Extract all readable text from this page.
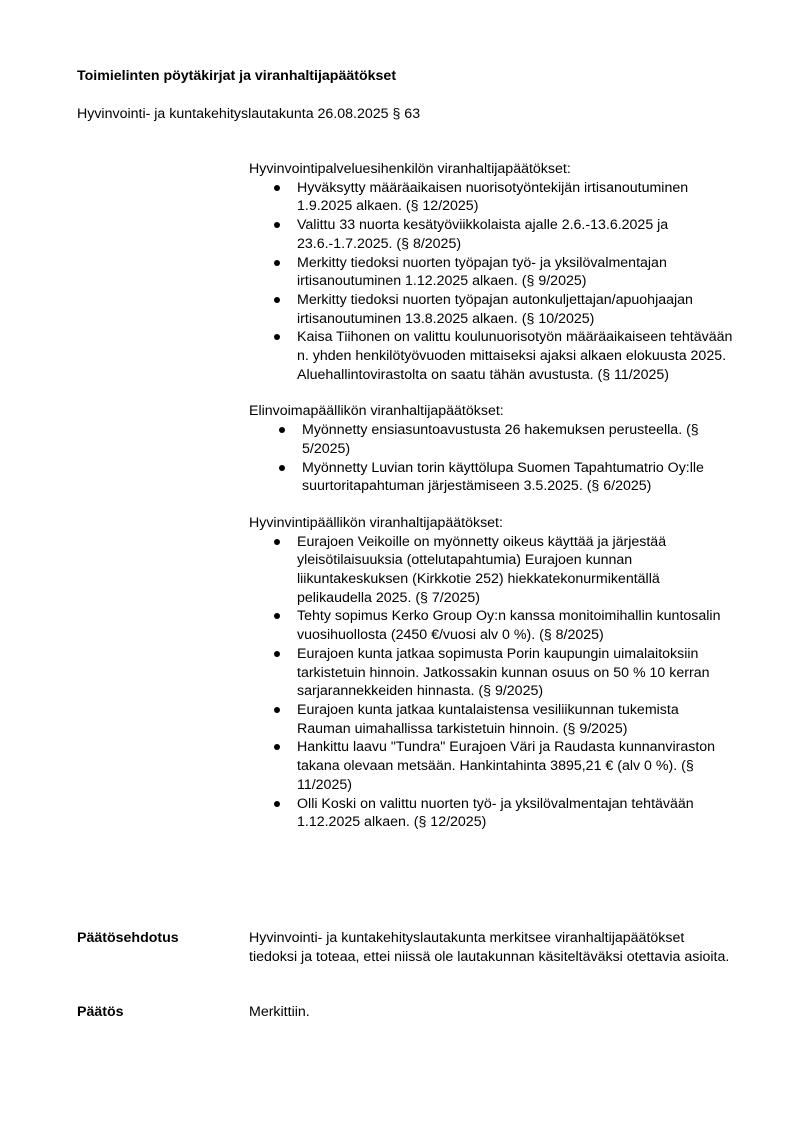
Toimielinten pöytäkirjat ja viranhaltijapäätökset
Hyvinvointi- ja kuntakehityslautakunta 26.08.2025 § 63
Hyvinvointipalveluesihenkilön viranhaltijapäätökset:
Hyväksytty määräaikaisen nuorisotyöntekijän irtisanoutuminen 1.9.2025 alkaen. (§ 12/2025)
Valittu 33 nuorta kesätyöviikkolaista ajalle 2.6.-13.6.2025 ja 23.6.-1.7.2025. (§ 8/2025)
Merkitty tiedoksi nuorten työpajan työ- ja yksilövalmentajan irtisanoutuminen 1.12.2025 alkaen. (§ 9/2025)
Merkitty tiedoksi nuorten työpajan autonkuljettajan/apuohjaajan irtisanoutuminen 13.8.2025 alkaen. (§ 10/2025)
Kaisa Tiihonen on valittu koulunuorisotyön määräaikaiseen tehtävään n. yhden henkilötyövuoden mittaiseksi ajaksi alkaen elokuusta 2025. Aluehallintovirastolta on saatu tähän avustusta. (§ 11/2025)
Elinvoimapäällikön viranhaltijapäätökset:
Myönnetty ensiasuntoavustusta 26 hakemuksen perusteella. (§ 5/2025)
Myönnetty Luvian torin käyttölupa Suomen Tapahtumatrio Oy:lle suurtoritapahtuman järjestämiseen 3.5.2025. (§ 6/2025)
Hyvinvintipäällikön viranhaltijapäätökset:
Eurajoen Veikoille on myönnetty oikeus käyttää ja järjestää yleisötilaisuuksia (ottelutapahtumia) Eurajoen kunnan liikuntakeskuksen (Kirkkotie 252) hiekkatekonurmikentällä pelikaudella 2025. (§ 7/2025)
Tehty sopimus Kerko Group Oy:n kanssa monitoimihallin kuntosalin vuosihuollosta (2450 €/vuosi alv 0 %). (§ 8/2025)
Eurajoen kunta jatkaa sopimusta Porin kaupungin uimalaitoksiin tarkistetuin hinnoin. Jatkossakin kunnan osuus on 50 % 10 kerran sarjarannekkeiden hinnasta. (§ 9/2025)
Eurajoen kunta jatkaa kuntalaistensa vesiliikunnan tukemista Rauman uimahallissa tarkistetuin hinnoin. (§ 9/2025)
Hankittu laavu "Tundra" Eurajoen Väri ja Raudasta kunnanviraston takana olevaan metsään. Hankintahinta 3895,21 € (alv 0 %). (§ 11/2025)
Olli Koski on valittu nuorten työ- ja yksilövalmentajan tehtävään 1.12.2025 alkaen. (§ 12/2025)
Päätösehdotus	Hyvinvointi- ja kuntakehityslautakunta merkitsee viranhaltijapäätökset tiedoksi ja toteaa, ettei niissä ole lautakunnan käsiteltäväksi otettavia asioita.
Päätös	Merkittiin.
